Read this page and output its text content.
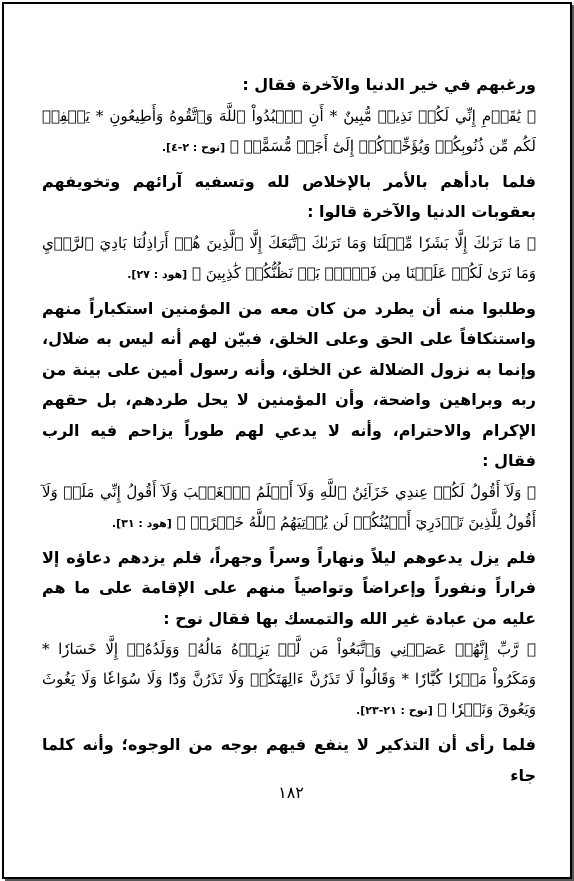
ورغبهم في خير الدنيا والآخرة فقال :

﴿ يَٰقَوۡمِ إِنِّي لَكُمۡ نَذِيرٞ مُّبِينٌ * أَنِ ٱعۡبُدُواْ ٱللَّهَ وَٱتَّقُوهُ وَأَطِيعُونِ * يَغۡفِرۡ لَكُم مِّن ذُنُوبِكُمۡ وَيُؤَخِّرۡكُمۡ إِلَىٰٓ أَجَلٖ مُّسَمًّىۚ ﴾ [نوح : ٢-٤].

فلما بادأهم بالأمر بالإخلاص لله وتسفيه آرائهم وتخويفهم بعقوبات الدنيا والآخرة قالوا :

﴿ مَا نَرَىٰكَ إِلَّا بَشَرٗا مِّثۡلَنَا وَمَا نَرَىٰكَ ٱتَّبَعَكَ إِلَّا ٱلَّذِينَ هُمۡ أَرَاذِلُنَا بَادِيَ ٱلرَّأۡيِ وَمَا نَرَىٰ لَكُمۡ عَلَيۡنَا مِن فَضۡلِۭ بَلۡ نَظُنُّكُمۡ كَٰذِبِينَ ﴾ [هود : ٢٧].

وطلبوا منه أن يطرد من كان معه من المؤمنين استكباراً منهم واستنكافاً على الحق وعلى الخلق، فبيّن لهم أنه ليس به ضلال، وإنما به نزول الضلالة عن الخلق، وأنه رسول أمين على بينة من ربه وبراهين واضحة، وأن المؤمنين لا يحل طردهم، بل حقهم الإكرام والاحترام، وأنه لا يدعي لهم طوراً يزاحم فيه الرب فقال :

﴿ وَلَآ أَقُولُ لَكُمۡ عِندِي خَزَآئِنُ ٱللَّهِ وَلَآ أَعۡلَمُ ٱلۡغَيۡبَ وَلَآ أَقُولُ إِنِّي مَلَكٞ وَلَآ أَقُولُ لِلَّذِينَ تَزۡدَرِيٓ أَعۡيُنُكُمۡ لَن يُؤۡتِيَهُمُ ٱللَّهُ خَيۡرًاۖ ﴾ [هود : ٣١].

فلم يزل يدعوهم ليلاً ونهاراً وسراً وجهراً، فلم يزدهم دعاؤه إلا فراراً ونفوراً وإعراضاً وتواصياً منهم على الإقامة على ما هم عليه من عبادة غير الله والتمسك بها فقال نوح :

﴿ رَّبِّ إِنَّهُمۡ عَصَوۡنِي وَٱتَّبَعُواْ مَن لَّمۡ يَزِدۡهُ مَالُهُۥ وَوَلَدُهُۥٓ إِلَّا خَسَارٗا * وَمَكَرُواْ مَكۡرٗا كُبَّارٗا * وَقَالُواْ لَا تَذَرُنَّ ءَالِهَتَكُمۡ وَلَا تَذَرُنَّ وَدّٗا وَلَا سُوَاعٗا وَلَا يَغُوثَ وَيَعُوقَ وَنَسۡرٗا ﴾ [نوح : ٢١-٢٣].

فلما رأى أن التذكير لا ينفع فيهم بوجه من الوجوه؛ وأنه كلما جاء

١٨٢
